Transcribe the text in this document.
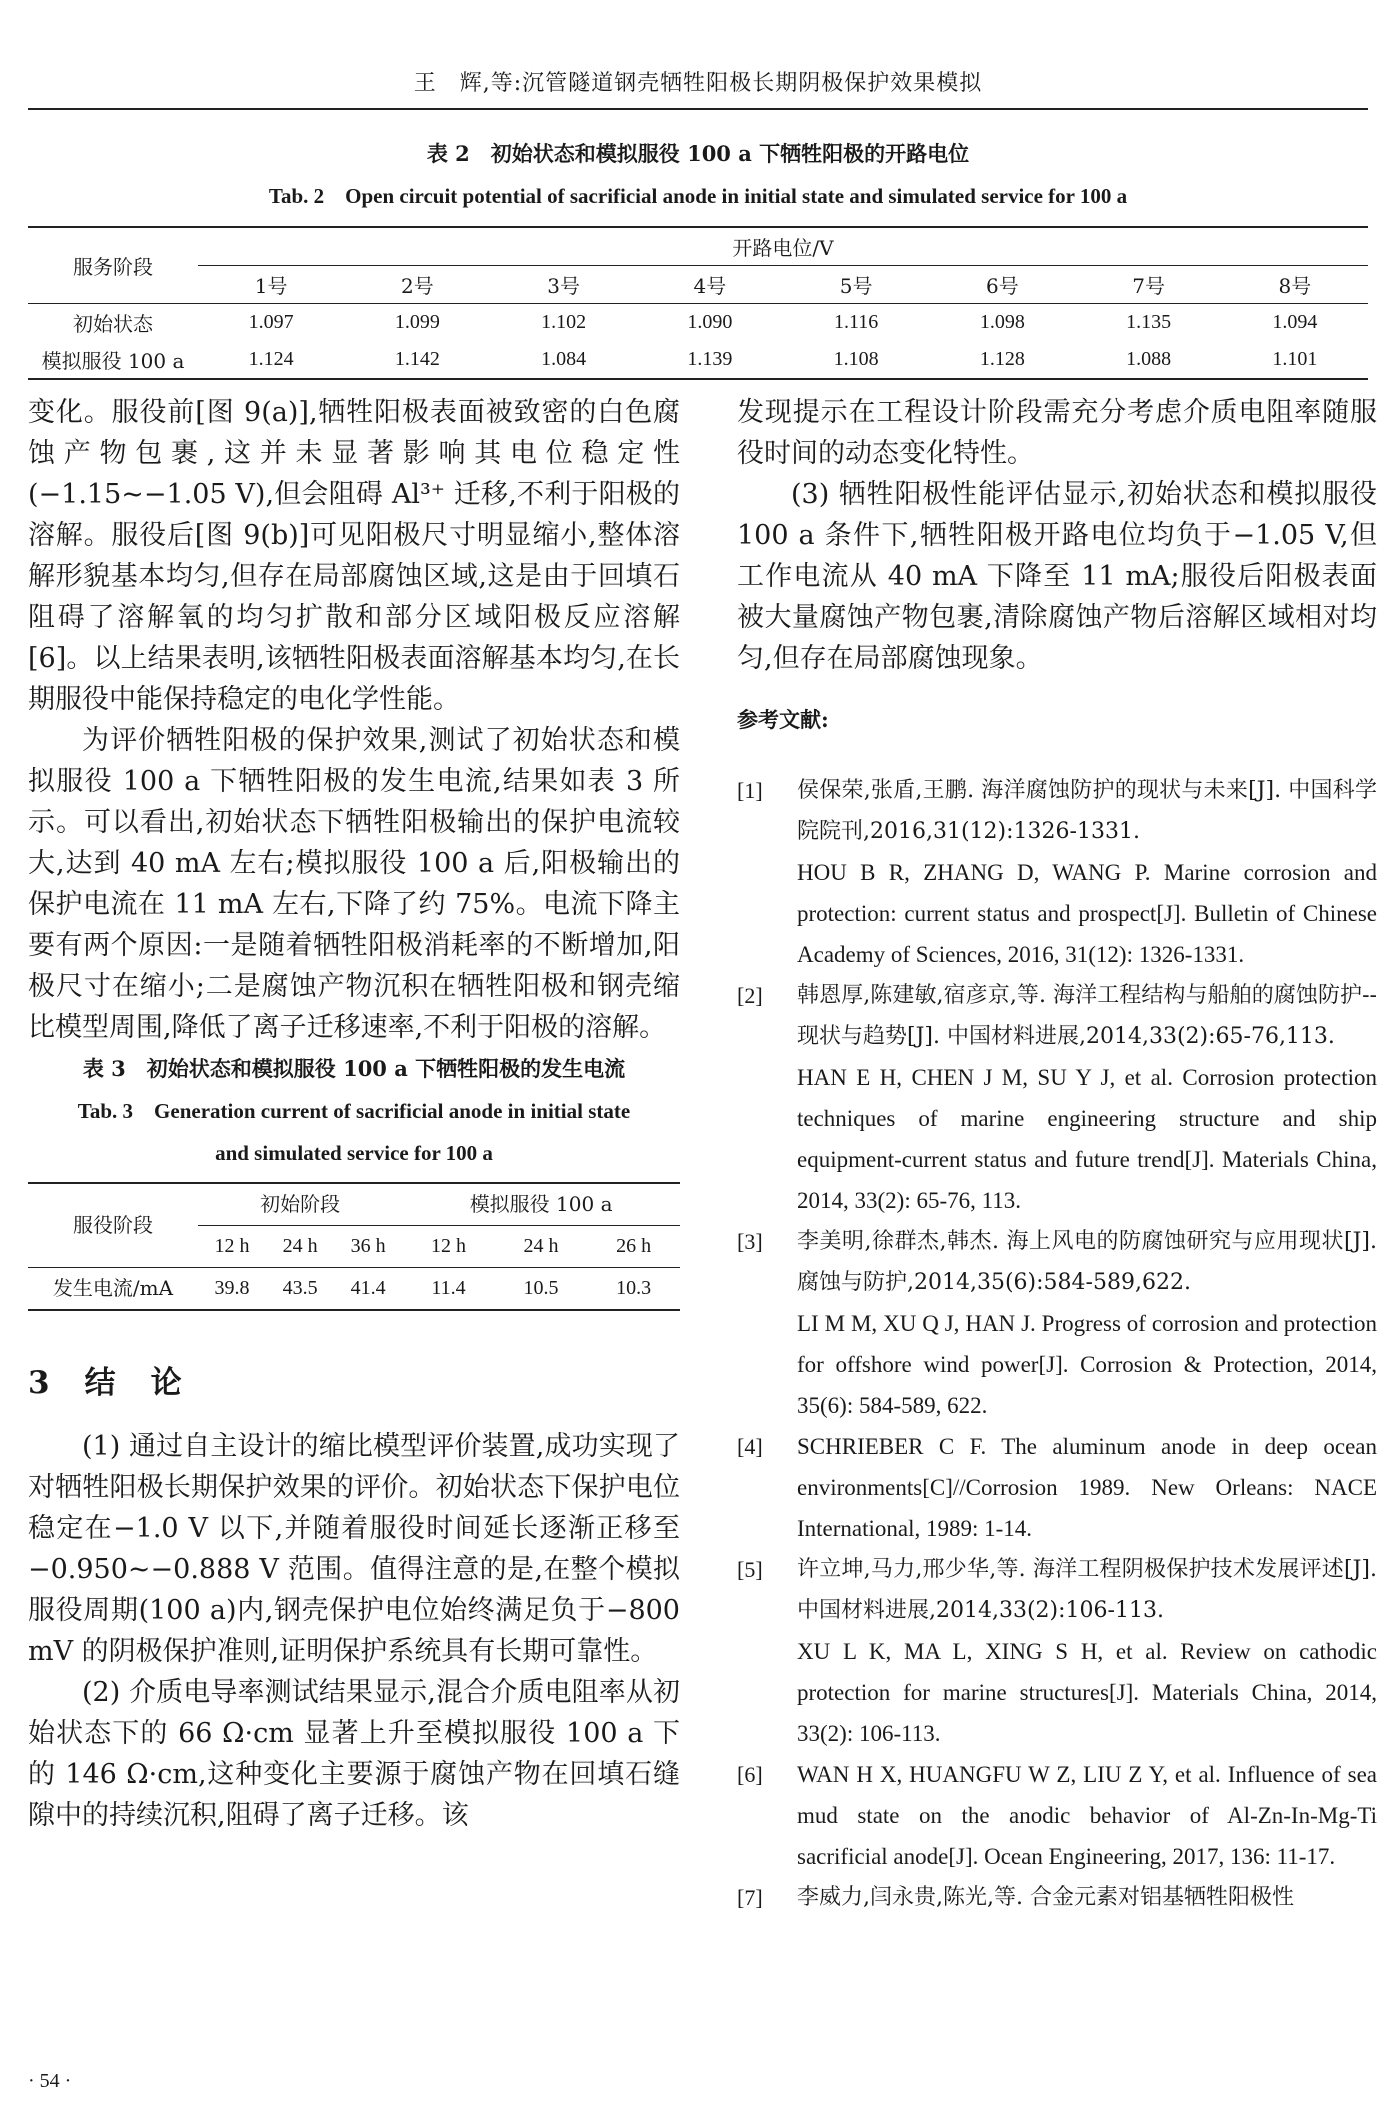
王　辉,等:沉管隧道钢壳牺牲阳极长期阴极保护效果模拟
表 2　初始状态和模拟服役 100 a 下牺牲阳极的开路电位
Tab. 2　Open circuit potential of sacrificial anode in initial state and simulated service for 100 a
服务阶段	开路电位/V							
	1号	2号	3号	4号	5号	6号	7号	8号
初始状态	1.097	1.099	1.102	1.090	1.116	1.098	1.135	1.094
模拟服役 100 a	1.124	1.142	1.084	1.139	1.108	1.128	1.088	1.101

变化。服役前[图 9(a)],牺牲阳极表面被致密的白色腐蚀产物包裹,这并未显著影响其电位稳定性(−1.15~−1.05 V),但会阻碍 Al³⁺ 迁移,不利于阳极的溶解。服役后[图 9(b)]可见阳极尺寸明显缩小,整体溶解形貌基本均匀,但存在局部腐蚀区域,这是由于回填石阻碍了溶解氧的均匀扩散和部分区域阳极反应溶解[6]。以上结果表明,该牺牲阳极表面溶解基本均匀,在长期服役中能保持稳定的电化学性能。

为评价牺牲阳极的保护效果,测试了初始状态和模拟服役 100 a 下牺牲阳极的发生电流,结果如表 3 所示。可以看出,初始状态下牺牲阳极输出的保护电流较大,达到 40 mA 左右;模拟服役 100 a 后,阳极输出的保护电流在 11 mA 左右,下降了约 75%。电流下降主要有两个原因:一是随着牺牲阳极消耗率的不断增加,阳极尺寸在缩小;二是腐蚀产物沉积在牺牲阳极和钢壳缩比模型周围,降低了离子迁移速率,不利于阳极的溶解。

表 3　初始状态和模拟服役 100 a 下牺牲阳极的发生电流
Tab. 3　Generation current of sacrificial anode in initial state
and simulated service for 100 a
服役阶段	初始阶段			模拟服役 100 a		
	12 h	24 h	36 h	12 h	24 h	26 h
发生电流/mA	39.8	43.5	41.4	11.4	10.5	10.3
3　结　论

(1) 通过自主设计的缩比模型评价装置,成功实现了对牺牲阳极长期保护效果的评价。初始状态下保护电位稳定在−1.0 V 以下,并随着服役时间延长逐渐正移至−0.950~−0.888 V 范围。值得注意的是,在整个模拟服役周期(100 a)内,钢壳保护电位始终满足负于−800 mV 的阴极保护准则,证明保护系统具有长期可靠性。

(2) 介质电导率测试结果显示,混合介质电阻率从初始状态下的 66 Ω·cm 显著上升至模拟服役 100 a 下的 146 Ω·cm,这种变化主要源于腐蚀产物在回填石缝隙中的持续沉积,阻碍了离子迁移。该

发现提示在工程设计阶段需充分考虑介质电阻率随服役时间的动态变化特性。

(3) 牺牲阳极性能评估显示,初始状态和模拟服役 100 a 条件下,牺牲阳极开路电位均负于−1.05 V,但工作电流从 40 mA 下降至 11 mA;服役后阳极表面被大量腐蚀产物包裹,清除腐蚀产物后溶解区域相对均匀,但存在局部腐蚀现象。

参考文献:
[1]	侯保荣,张盾,王鹏. 海洋腐蚀防护的现状与未来[J]. 中国科学院院刊,2016,31(12):1326-1331.
HOU B R, ZHANG D, WANG P. Marine corrosion and protection: current status and prospect[J]. Bulletin of Chinese Academy of Sciences, 2016, 31(12): 1326-1331.
[2]	韩恩厚,陈建敏,宿彦京,等. 海洋工程结构与船舶的腐蚀防护--现状与趋势[J]. 中国材料进展,2014,33(2):65-76,113.
HAN E H, CHEN J M, SU Y J, et al. Corrosion protection techniques of marine engineering structure and ship equipment-current status and future trend[J]. Materials China, 2014, 33(2): 65-76, 113.
[3]	李美明,徐群杰,韩杰. 海上风电的防腐蚀研究与应用现状[J]. 腐蚀与防护,2014,35(6):584-589,622.
LI M M, XU Q J, HAN J. Progress of corrosion and protection for offshore wind power[J]. Corrosion & Protection, 2014, 35(6): 584-589, 622.
[4]	SCHRIEBER C F. The aluminum anode in deep ocean environments[C]//Corrosion 1989. New Orleans: NACE International, 1989: 1-14.
[5]	许立坤,马力,邢少华,等. 海洋工程阴极保护技术发展评述[J]. 中国材料进展,2014,33(2):106-113.
XU L K, MA L, XING S H, et al. Review on cathodic protection for marine structures[J]. Materials China, 2014, 33(2): 106-113.
[6]	WAN H X, HUANGFU W Z, LIU Z Y, et al. Influence of sea mud state on the anodic behavior of Al-Zn-In-Mg-Ti sacrificial anode[J]. Ocean Engineering, 2017, 136: 11-17.
[7]	李威力,闫永贵,陈光,等. 合金元素对铝基牺牲阳极性
· 54 ·
